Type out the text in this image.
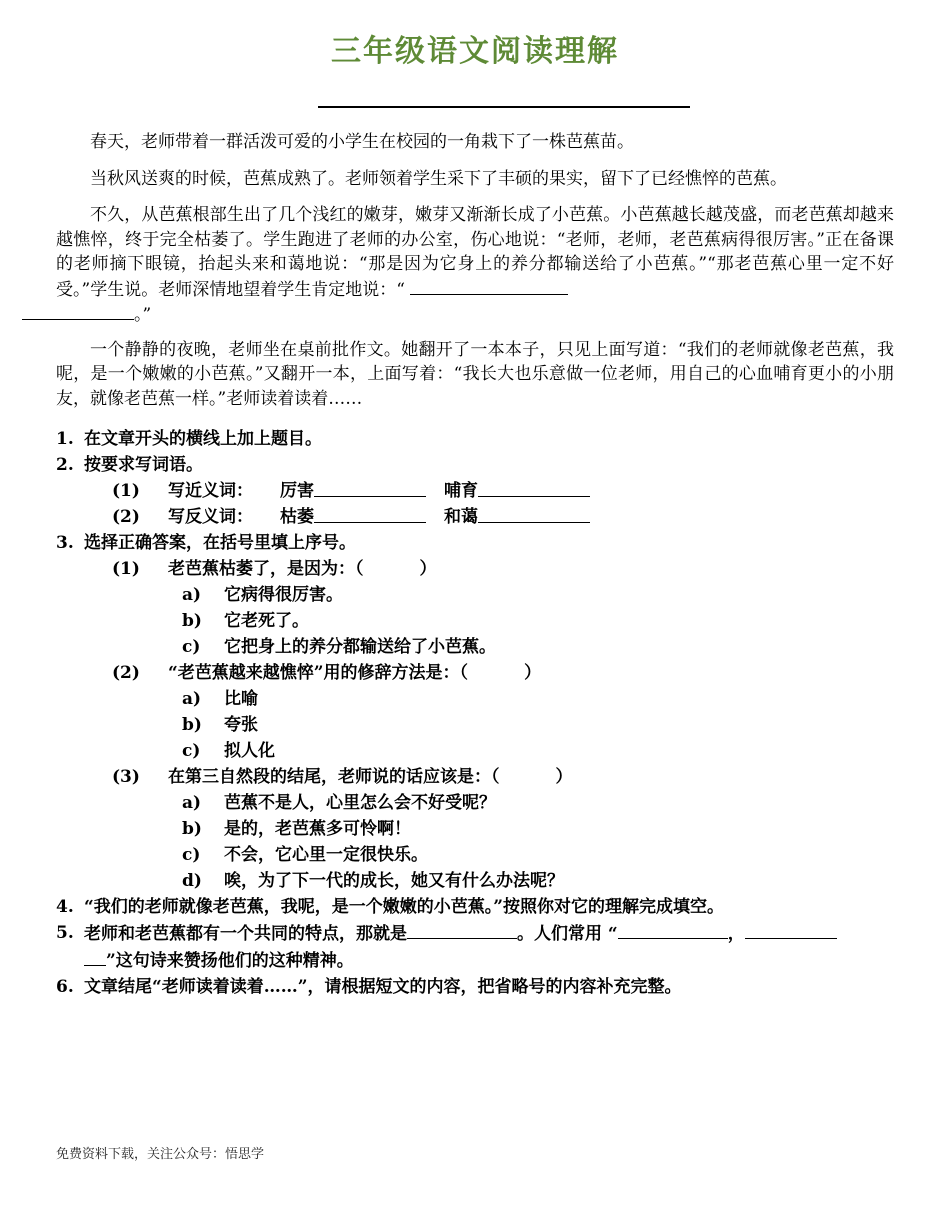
三年级语文阅读理解

春天，老师带着一群活泼可爱的小学生在校园的一角栽下了一株芭蕉苗。

当秋风送爽的时候，芭蕉成熟了。老师领着学生采下了丰硕的果实，留下了已经憔悴的芭蕉。

不久，从芭蕉根部生出了几个浅红的嫩芽，嫩芽又渐渐长成了小芭蕉。小芭蕉越长越茂盛，而老芭蕉却越来越憔悴，终于完全枯萎了。学生跑进了老师的办公室，伤心地说：“老师，老师，老芭蕉病得很厉害。”正在备课的老师摘下眼镜，抬起头来和蔼地说：“那是因为它身上的养分都输送给了小芭蕉。”“那老芭蕉心里一定不好受。”学生说。老师深情地望着学生肯定地说：“
。”

一个静静的夜晚，老师坐在桌前批作文。她翻开了一本本子，只见上面写道：“我们的老师就像老芭蕉，我呢，是一个嫩嫩的小芭蕉。”又翻开一本，上面写着：“我长大也乐意做一位老师，用自己的心血哺育更小的小朋友，就像老芭蕉一样。”老师读着读着……

1. 在文章开头的横线上加上题目。
2. 按要求写词语。
(1)	写近义词：	厉害	哺育
(2)	写反义词：	枯萎	和蔼
3. 选择正确答案，在括号里填上序号。
(1)	老芭蕉枯萎了，是因为：（	）
a)	它病得很厉害。
b)	它老死了。
c)	它把身上的养分都输送给了小芭蕉。
(2)	“老芭蕉越来越憔悴”用的修辞方法是：（	）
a)	比喻
b)	夸张
c)	拟人化
(3)	在第三自然段的结尾，老师说的话应该是：（	）
a)	芭蕉不是人，心里怎么会不好受呢？
b)	是的，老芭蕉多可怜啊！
c)	不会，它心里一定很快乐。
d)	唉，为了下一代的成长，她又有什么办法呢？
4. “我们的老师就像老芭蕉，我呢，是一个嫩嫩的小芭蕉。”按照你对它的理解完成填空。
5. 老师和老芭蕉都有一个共同的特点，那就是	。人们常用 “	，
”这句诗来赞扬他们的这种精神。
6. 文章结尾“老师读着读着……”，请根据短文的内容，把省略号的内容补充完整。
免费资料下载，关注公众号：悟思学
